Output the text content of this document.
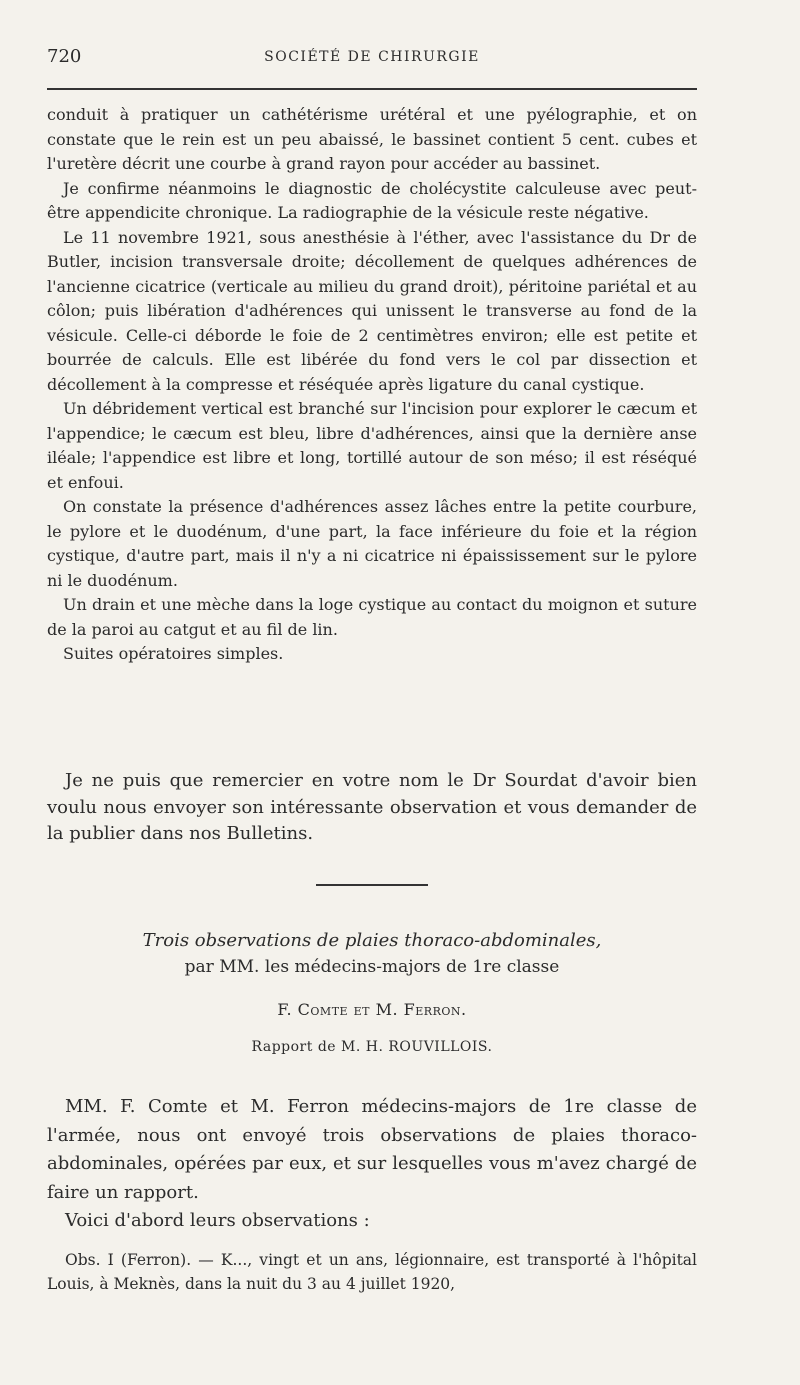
720	SOCIÉTÉ DE CHIRURGIE

conduit à pratiquer un cathétérisme urétéral et une pyélographie, et on constate que le rein est un peu abaissé, le bassinet contient 5 cent. cubes et l'uretère décrit une courbe à grand rayon pour accéder au bassinet.

Je confirme néanmoins le diagnostic de cholécystite calculeuse avec peut-être appendicite chronique. La radiographie de la vésicule reste négative.

Le 11 novembre 1921, sous anesthésie à l'éther, avec l'assistance du Dr de Butler, incision transversale droite; décollement de quelques adhérences de l'ancienne cicatrice (verticale au milieu du grand droit), péritoine pariétal et au côlon; puis libération d'adhérences qui unissent le transverse au fond de la vésicule. Celle-ci déborde le foie de 2 centimètres environ; elle est petite et bourrée de calculs. Elle est libérée du fond vers le col par dissection et décollement à la compresse et réséquée après ligature du canal cystique.

Un débridement vertical est branché sur l'incision pour explorer le cæcum et l'appendice; le cæcum est bleu, libre d'adhérences, ainsi que la dernière anse iléale; l'appendice est libre et long, tortillé autour de son méso; il est réséqué et enfoui.

On constate la présence d'adhérences assez lâches entre la petite courbure, le pylore et le duodénum, d'une part, la face inférieure du foie et la région cystique, d'autre part, mais il n'y a ni cicatrice ni épaississement sur le pylore ni le duodénum.

Un drain et une mèche dans la loge cystique au contact du moignon et suture de la paroi au catgut et au fil de lin.

Suites opératoires simples.

Je ne puis que remercier en votre nom le Dr Sourdat d'avoir bien voulu nous envoyer son intéressante observation et vous demander de la publier dans nos Bulletins.

Trois observations de plaies thoraco-abdominales,
par MM. les médecins-majors de 1re classe
F. Comte et M. Ferron.
Rapport de M. H. ROUVILLOIS.

MM. F. Comte et M. Ferron médecins-majors de 1re classe de l'armée, nous ont envoyé trois observations de plaies thoraco-abdominales, opérées par eux, et sur lesquelles vous m'avez chargé de faire un rapport.

Voici d'abord leurs observations :

Obs. I (Ferron). — K..., vingt et un ans, légionnaire, est transporté à l'hôpital Louis, à Meknès, dans la nuit du 3 au 4 juillet 1920,
